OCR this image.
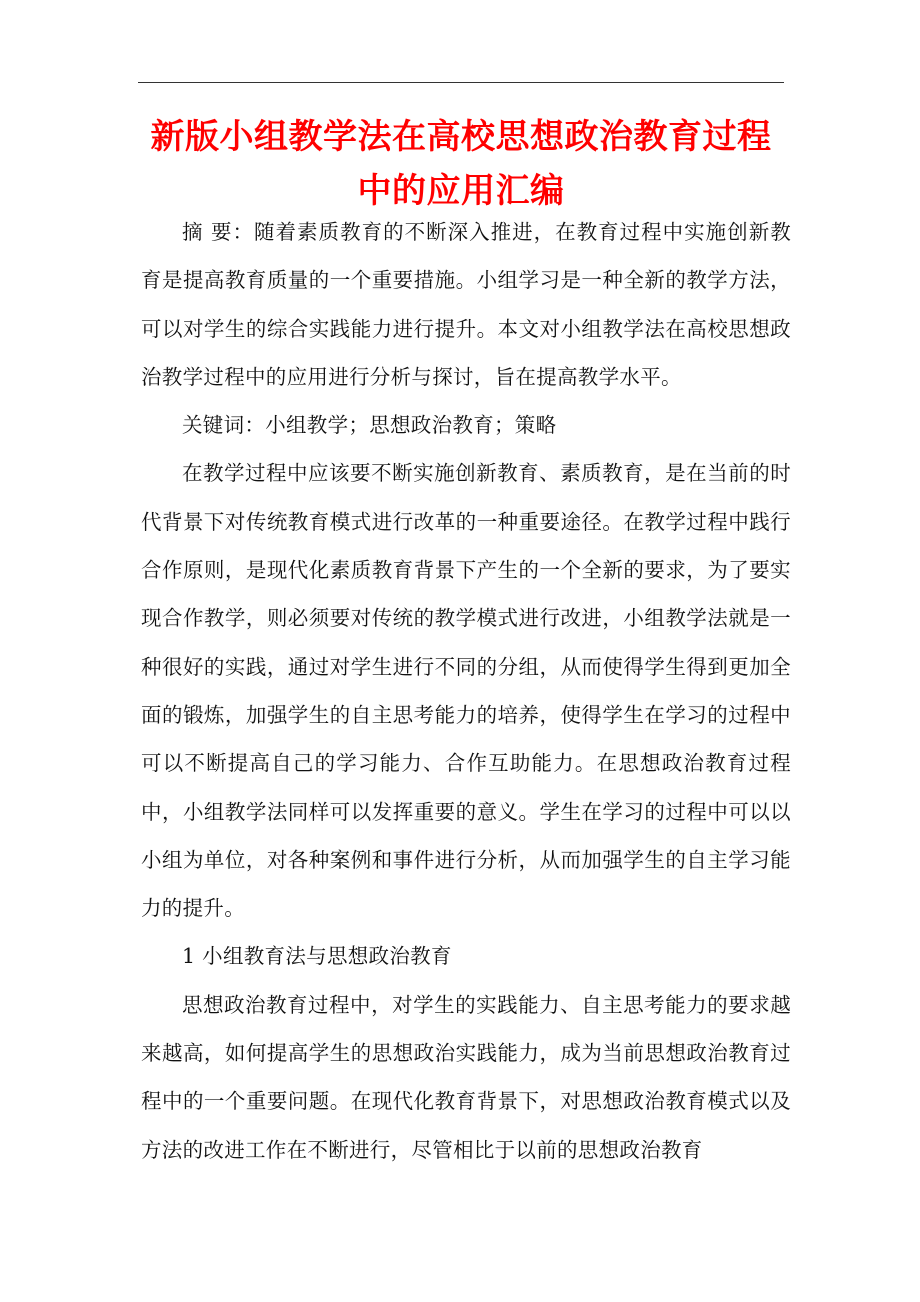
新版小组教学法在高校思想政治教育过程
中的应用汇编

摘 要：随着素质教育的不断深入推进，在教育过程中实施创新教育是提高教育质量的一个重要措施。小组学习是一种全新的教学方法，可以对学生的综合实践能力进行提升。本文对小组教学法在高校思想政治教学过程中的应用进行分析与探讨，旨在提高教学水平。

关键词：小组教学；思想政治教育；策略

在教学过程中应该要不断实施创新教育、素质教育，是在当前的时代背景下对传统教育模式进行改革的一种重要途径。在教学过程中践行合作原则，是现代化素质教育背景下产生的一个全新的要求，为了要实现合作教学，则必须要对传统的教学模式进行改进，小组教学法就是一种很好的实践，通过对学生进行不同的分组，从而使得学生得到更加全面的锻炼，加强学生的自主思考能力的培养，使得学生在学习的过程中可以不断提高自己的学习能力、合作互助能力。在思想政治教育过程中，小组教学法同样可以发挥重要的意义。学生在学习的过程中可以以小组为单位，对各种案例和事件进行分析，从而加强学生的自主学习能力的提升。

1 小组教育法与思想政治教育

思想政治教育过程中，对学生的实践能力、自主思考能力的要求越来越高，如何提高学生的思想政治实践能力，成为当前思想政治教育过程中的一个重要问题。在现代化教育背景下，对思想政治教育模式以及方法的改进工作在不断进行，尽管相比于以前的思想政治教育
